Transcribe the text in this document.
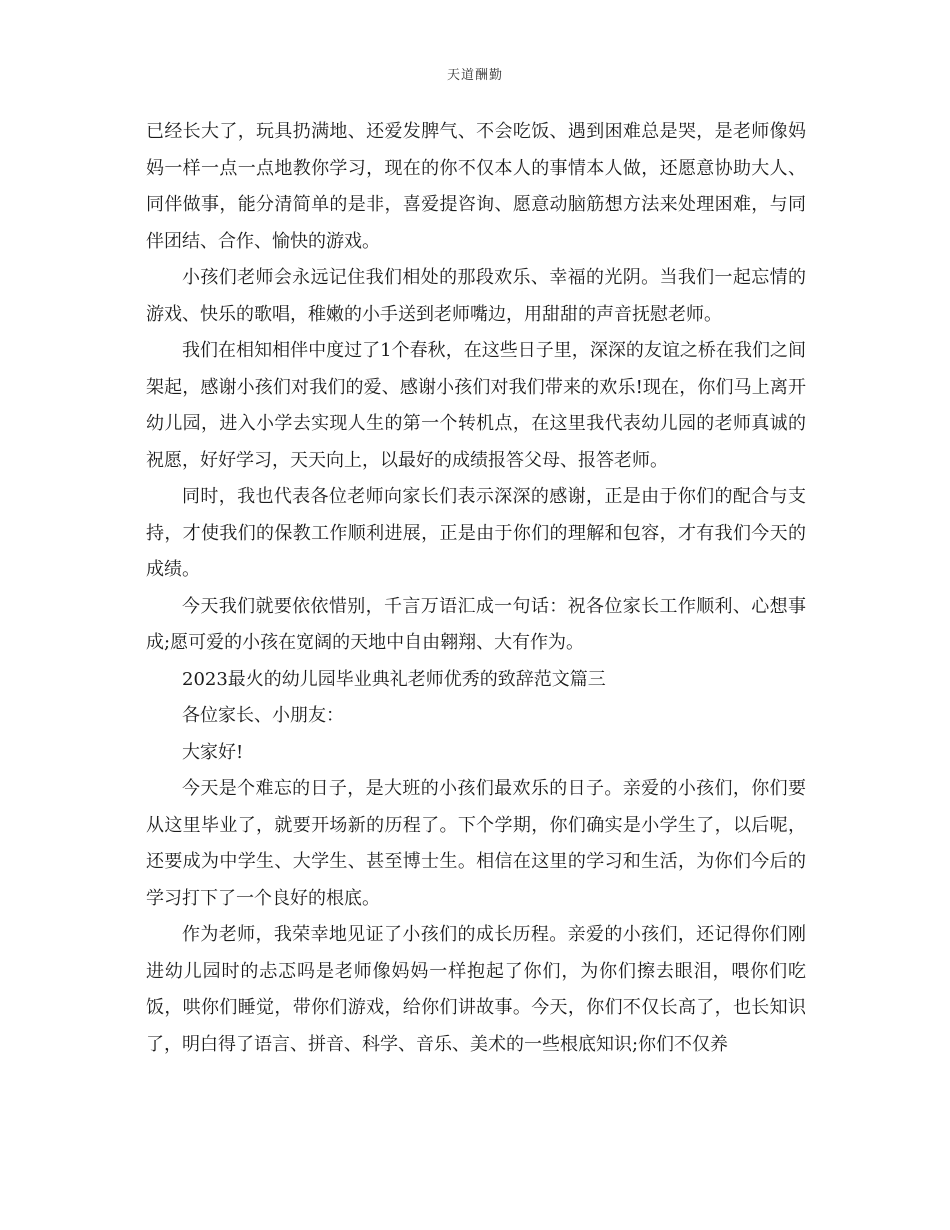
天道酬勤

已经长大了，玩具扔满地、还爱发脾气、不会吃饭、遇到困难总是哭，是老师像妈妈一样一点一点地教你学习，现在的你不仅本人的事情本人做，还愿意协助大人、同伴做事，能分清简单的是非，喜爱提咨询、愿意动脑筋想方法来处理困难，与同伴团结、合作、愉快的游戏。

小孩们老师会永远记住我们相处的那段欢乐、幸福的光阴。当我们一起忘情的游戏、快乐的歌唱，稚嫩的小手送到老师嘴边，用甜甜的声音抚慰老师。

我们在相知相伴中度过了1个春秋，在这些日子里，深深的友谊之桥在我们之间架起，感谢小孩们对我们的爱、感谢小孩们对我们带来的欢乐!现在，你们马上离开幼儿园，进入小学去实现人生的第一个转机点，在这里我代表幼儿园的老师真诚的祝愿，好好学习，天天向上，以最好的成绩报答父母、报答老师。

同时，我也代表各位老师向家长们表示深深的感谢，正是由于你们的配合与支持，才使我们的保教工作顺利进展，正是由于你们的理解和包容，才有我们今天的成绩。

今天我们就要依依惜别，千言万语汇成一句话：祝各位家长工作顺利、心想事成;愿可爱的小孩在宽阔的天地中自由翱翔、大有作为。

2023最火的幼儿园毕业典礼老师优秀的致辞范文篇三

各位家长、小朋友：

大家好!

今天是个难忘的日子，是大班的小孩们最欢乐的日子。亲爱的小孩们，你们要从这里毕业了，就要开场新的历程了。下个学期，你们确实是小学生了，以后呢，还要成为中学生、大学生、甚至博士生。相信在这里的学习和生活，为你们今后的学习打下了一个良好的根底。

作为老师，我荣幸地见证了小孩们的成长历程。亲爱的小孩们，还记得你们刚进幼儿园时的忐忑吗是老师像妈妈一样抱起了你们，为你们擦去眼泪，喂你们吃饭，哄你们睡觉，带你们游戏，给你们讲故事。今天，你们不仅长高了，也长知识了，明白得了语言、拼音、科学、音乐、美术的一些根底知识;你们不仅养
